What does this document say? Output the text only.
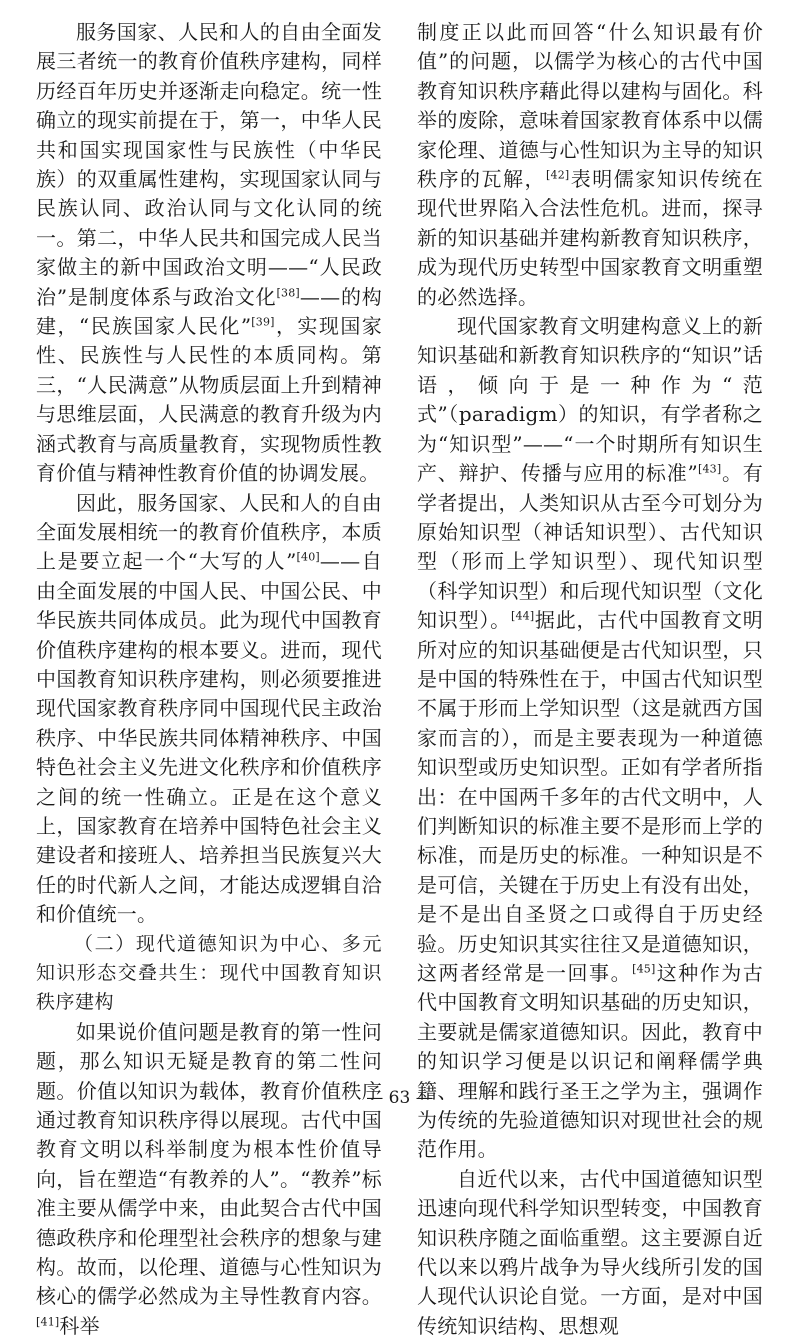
服务国家、人民和人的自由全面发展三者统一的教育价值秩序建构，同样历经百年历史并逐渐走向稳定。统一性确立的现实前提在于，第一，中华人民共和国实现国家性与民族性（中华民族）的双重属性建构，实现国家认同与民族认同、政治认同与文化认同的统一。第二，中华人民共和国完成人民当家做主的新中国政治文明——“人民政治”是制度体系与政治文化[38]——的构建，“民族国家人民化”[39]，实现国家性、民族性与人民性的本质同构。第三，“人民满意”从物质层面上升到精神与思维层面，人民满意的教育升级为内涵式教育与高质量教育，实现物质性教育价值与精神性教育价值的协调发展。

因此，服务国家、人民和人的自由全面发展相统一的教育价值秩序，本质上是要立起一个“大写的人”[40]——自由全面发展的中国人民、中国公民、中华民族共同体成员。此为现代中国教育价值秩序建构的根本要义。进而，现代中国教育知识秩序建构，则必须要推进现代国家教育秩序同中国现代民主政治秩序、中华民族共同体精神秩序、中国特色社会主义先进文化秩序和价值秩序之间的统一性确立。正是在这个意义上，国家教育在培养中国特色社会主义建设者和接班人、培养担当民族复兴大任的时代新人之间，才能达成逻辑自洽和价值统一。

（二）现代道德知识为中心、多元知识形态交叠共生：现代中国教育知识秩序建构

如果说价值问题是教育的第一性问题，那么知识无疑是教育的第二性问题。价值以知识为载体，教育价值秩序通过教育知识秩序得以展现。古代中国教育文明以科举制度为根本性价值导向，旨在塑造“有教养的人”。“教养”标准主要从儒学中来，由此契合古代中国德政秩序和伦理型社会秩序的想象与建构。故而，以伦理、道德与心性知识为核心的儒学必然成为主导性教育内容。[41]科举

制度正以此而回答“什么知识最有价值”的问题，以儒学为核心的古代中国教育知识秩序藉此得以建构与固化。科举的废除，意味着国家教育体系中以儒家伦理、道德与心性知识为主导的知识秩序的瓦解，[42]表明儒家知识传统在现代世界陷入合法性危机。进而，探寻新的知识基础并建构新教育知识秩序，成为现代历史转型中国家教育文明重塑的必然选择。

现代国家教育文明建构意义上的新知识基础和新教育知识秩序的“知识”话语，倾向于是一种作为“范式”（paradigm）的知识，有学者称之为“知识型”——“一个时期所有知识生产、辩护、传播与应用的标准”[43]。有学者提出，人类知识从古至今可划分为原始知识型（神话知识型）、古代知识型（形而上学知识型）、现代知识型（科学知识型）和后现代知识型（文化知识型）。[44]据此，古代中国教育文明所对应的知识基础便是古代知识型，只是中国的特殊性在于，中国古代知识型不属于形而上学知识型（这是就西方国家而言的），而是主要表现为一种道德知识型或历史知识型。正如有学者所指出：在中国两千多年的古代文明中，人们判断知识的标准主要不是形而上学的标准，而是历史的标准。一种知识是不是可信，关键在于历史上有没有出处，是不是出自圣贤之口或得自于历史经验。历史知识其实往往又是道德知识，这两者经常是一回事。[45]这种作为古代中国教育文明知识基础的历史知识，主要就是儒家道德知识。因此，教育中的知识学习便是以识记和阐释儒学典籍、理解和践行圣王之学为主，强调作为传统的先验道德知识对现世社会的规范作用。

自近代以来，古代中国道德知识型迅速向现代科学知识型转变，中国教育知识秩序随之面临重塑。这主要源自近代以来以鸦片战争为导火线所引发的国人现代认识论自觉。一方面，是对中国传统知识结构、思想观

— 63 —
